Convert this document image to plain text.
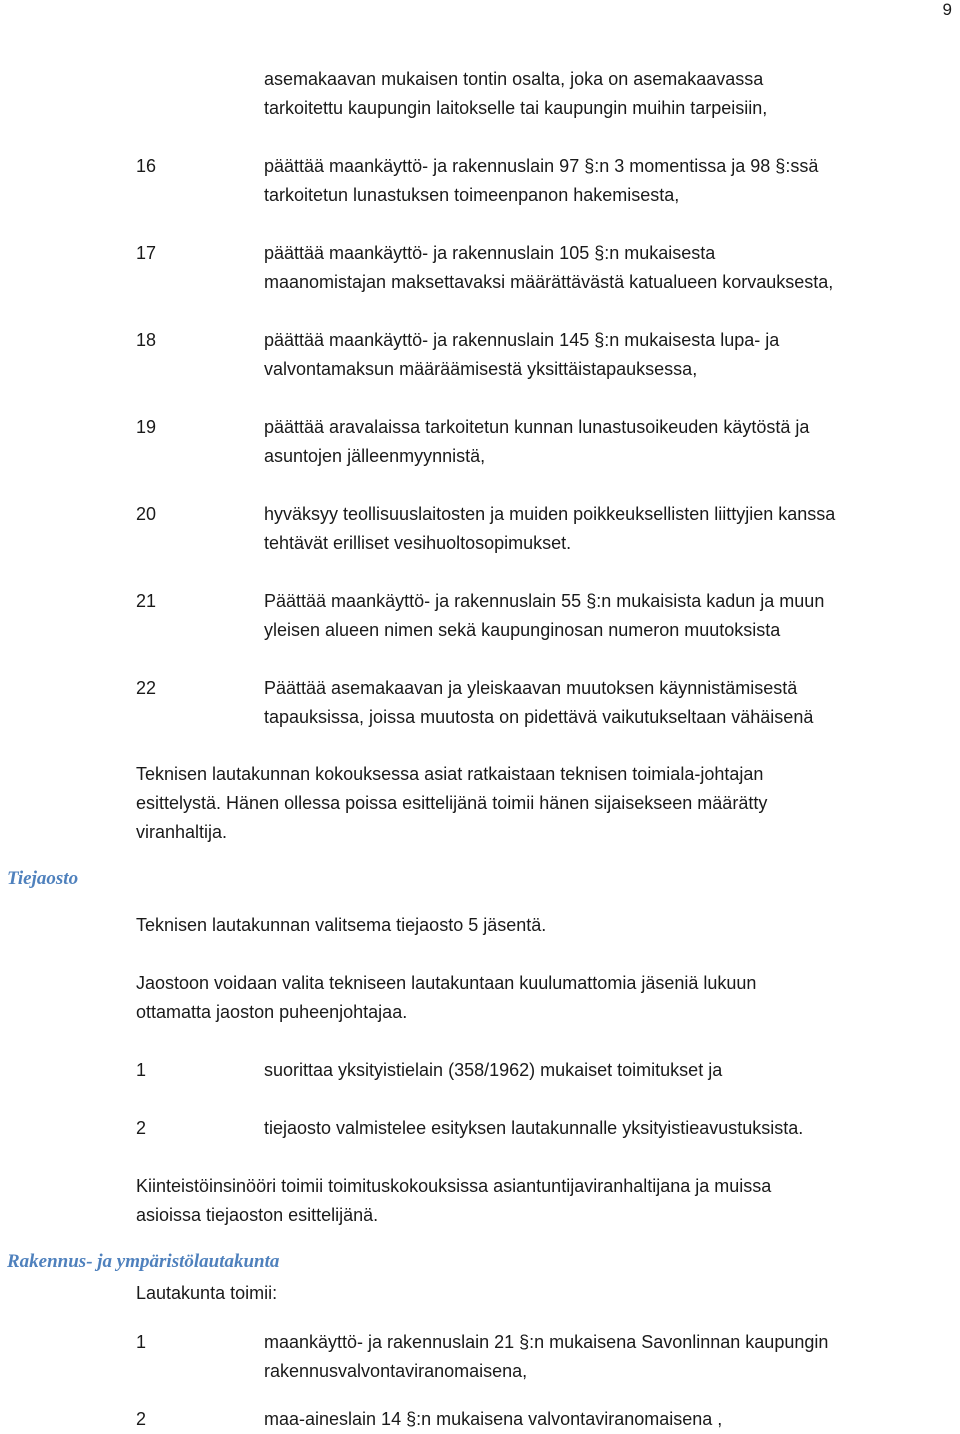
9
asemakaavan mukaisen tontin osalta, joka on asemakaavassa
tarkoitettu kaupungin laitokselle tai kaupungin muihin tarpeisiin,
16	päättää maankäyttö- ja rakennuslain 97 §:n 3 momentissa ja 98 §:ssä
tarkoitetun lunastuksen toimeenpanon hakemisesta,
17	päättää maankäyttö- ja rakennuslain 105 §:n mukaisesta
maanomistajan maksettavaksi määrättävästä katualueen korvauksesta,
18	päättää maankäyttö- ja rakennuslain 145 §:n mukaisesta lupa- ja
valvontamaksun määräämisestä yksittäistapauksessa,
19	päättää aravalaissa tarkoitetun kunnan lunastusoikeuden käytöstä ja
asuntojen jälleenmyynnistä,
20	hyväksyy teollisuuslaitosten ja muiden poikkeuksellisten liittyjien kanssa
tehtävät erilliset vesihuoltosopimukset.
21	Päättää maankäyttö- ja rakennuslain 55 §:n mukaisista kadun ja muun
yleisen alueen nimen sekä kaupunginosan numeron muutoksista
22	Päättää asemakaavan ja yleiskaavan muutoksen käynnistämisestä
tapauksissa, joissa muutosta on pidettävä vaikutukseltaan vähäisenä
Teknisen lautakunnan kokouksessa asiat ratkaistaan teknisen toimiala-johtajan
esittelystä. Hänen ollessa poissa esittelijänä toimii hänen sijaisekseen määrätty
viranhaltija.
Tiejaosto
Teknisen lautakunnan valitsema tiejaosto 5 jäsentä.
Jaostoon voidaan valita tekniseen lautakuntaan kuulumattomia jäseniä lukuun
ottamatta jaoston puheenjohtajaa.
1	suorittaa yksityistielain (358/1962) mukaiset toimitukset ja
2	tiejaosto valmistelee esityksen lautakunnalle yksityistieavustuksista.
Kiinteistöinsinööri toimii toimituskokouksissa asiantuntijaviranhaltijana ja muissa
asioissa tiejaoston esittelijänä.
Rakennus- ja ympäristölautakunta
Lautakunta toimii:
1	maankäyttö- ja rakennuslain 21 §:n mukaisena Savonlinnan kaupungin
rakennusvalvontaviranomaisena,
2	maa-aineslain 14 §:n mukaisena valvontaviranomaisena ,
